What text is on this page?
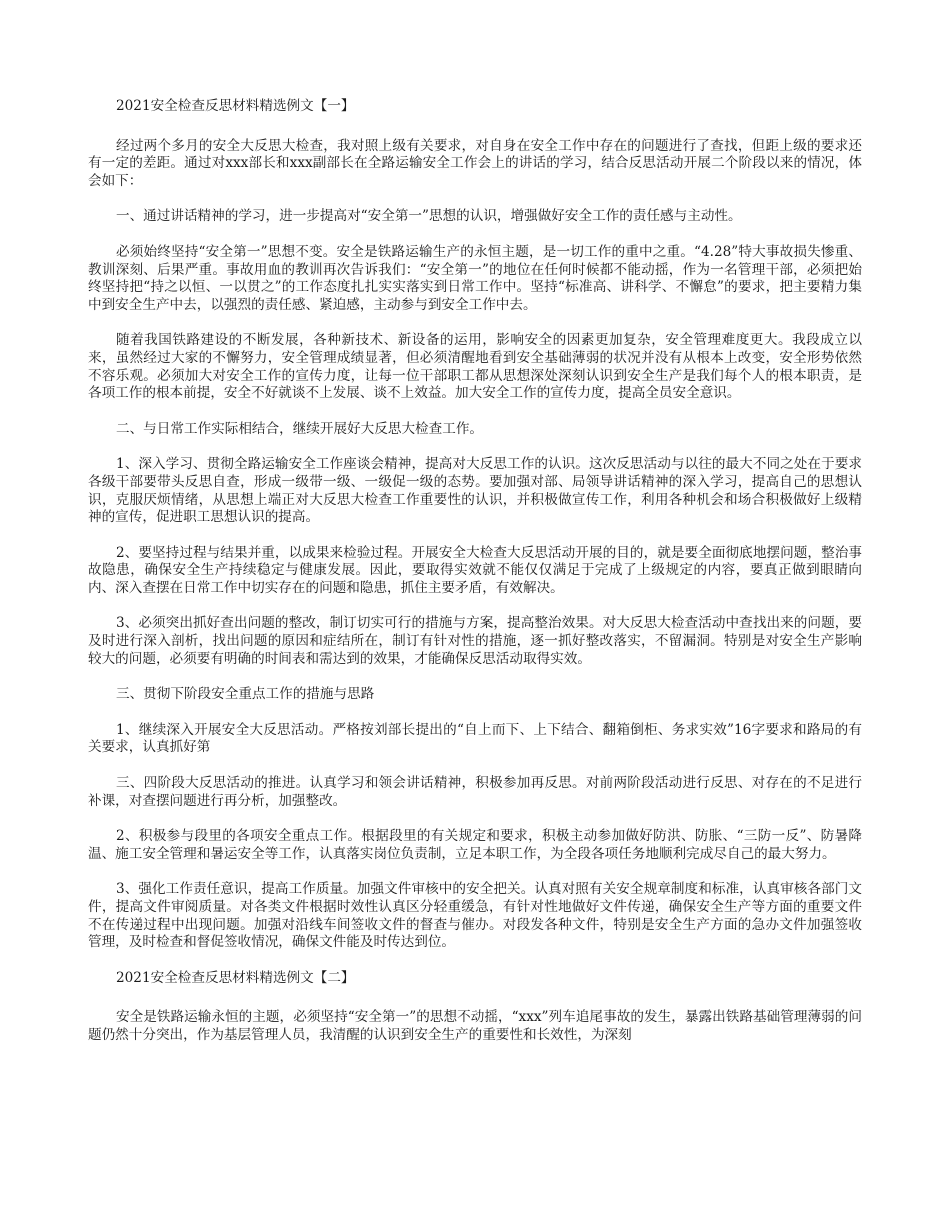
2021安全检查反思材料精选例文【一】

经过两个多月的安全大反思大检查，我对照上级有关要求，对自身在安全工作中存在的问题进行了查找，但距上级的要求还有一定的差距。通过对xxx部长和xxx副部长在全路运输安全工作会上的讲话的学习，结合反思活动开展二个阶段以来的情况，体会如下：

一、通过讲话精神的学习，进一步提高对“安全第一”思想的认识，增强做好安全工作的责任感与主动性。

必须始终坚持“安全第一”思想不变。安全是铁路运输生产的永恒主题，是一切工作的重中之重。“4.28”特大事故损失惨重、教训深刻、后果严重。事故用血的教训再次告诉我们：“安全第一”的地位在任何时候都不能动摇，作为一名管理干部，必须把始终坚持把“持之以恒、一以贯之”的工作态度扎扎实实落实到日常工作中。坚持“标准高、讲科学、不懈怠”的要求，把主要精力集中到安全生产中去，以强烈的责任感、紧迫感，主动参与到安全工作中去。

随着我国铁路建设的不断发展，各种新技术、新设备的运用，影响安全的因素更加复杂，安全管理难度更大。我段成立以来，虽然经过大家的不懈努力，安全管理成绩显著，但必须清醒地看到安全基础薄弱的状况并没有从根本上改变，安全形势依然不容乐观。必须加大对安全工作的宣传力度，让每一位干部职工都从思想深处深刻认识到安全生产是我们每个人的根本职责，是各项工作的根本前提，安全不好就谈不上发展、谈不上效益。加大安全工作的宣传力度，提高全员安全意识。

二、与日常工作实际相结合，继续开展好大反思大检查工作。

1、深入学习、贯彻全路运输安全工作座谈会精神，提高对大反思工作的认识。这次反思活动与以往的最大不同之处在于要求各级干部要带头反思自查，形成一级带一级、一级促一级的态势。要加强对部、局领导讲话精神的深入学习，提高自己的思想认识，克服厌烦情绪，从思想上端正对大反思大检查工作重要性的认识，并积极做宣传工作，利用各种机会和场合积极做好上级精神的宣传，促进职工思想认识的提高。

2、要坚持过程与结果并重，以成果来检验过程。开展安全大检查大反思活动开展的目的，就是要全面彻底地摆问题，整治事故隐患，确保安全生产持续稳定与健康发展。因此，要取得实效就不能仅仅满足于完成了上级规定的内容，要真正做到眼睛向内、深入查摆在日常工作中切实存在的问题和隐患，抓住主要矛盾，有效解决。

3、必须突出抓好查出问题的整改，制订切实可行的措施与方案，提高整治效果。对大反思大检查活动中查找出来的问题，要及时进行深入剖析，找出问题的原因和症结所在，制订有针对性的措施，逐一抓好整改落实，不留漏洞。特别是对安全生产影响较大的问题，必须要有明确的时间表和需达到的效果，才能确保反思活动取得实效。

三、贯彻下阶段安全重点工作的措施与思路

1、继续深入开展安全大反思活动。严格按刘部长提出的“自上而下、上下结合、翻箱倒柜、务求实效”16字要求和路局的有关要求，认真抓好第

三、四阶段大反思活动的推进。认真学习和领会讲话精神，积极参加再反思。对前两阶段活动进行反思、对存在的不足进行补课，对查摆问题进行再分析，加强整改。

2、积极参与段里的各项安全重点工作。根据段里的有关规定和要求，积极主动参加做好防洪、防胀、“三防一反”、防暑降温、施工安全管理和暑运安全等工作，认真落实岗位负责制，立足本职工作，为全段各项任务地顺利完成尽自己的最大努力。

3、强化工作责任意识，提高工作质量。加强文件审核中的安全把关。认真对照有关安全规章制度和标准，认真审核各部门文件，提高文件审阅质量。对各类文件根据时效性认真区分轻重缓急，有针对性地做好文件传递，确保安全生产等方面的重要文件不在传递过程中出现问题。加强对沿线车间签收文件的督查与催办。对段发各种文件，特别是安全生产方面的急办文件加强签收管理，及时检查和督促签收情况，确保文件能及时传达到位。

2021安全检查反思材料精选例文【二】

安全是铁路运输永恒的主题，必须坚持“安全第一”的思想不动摇，“xxx”列车追尾事故的发生，暴露出铁路基础管理薄弱的问题仍然十分突出，作为基层管理人员，我清醒的认识到安全生产的重要性和长效性，为深刻
